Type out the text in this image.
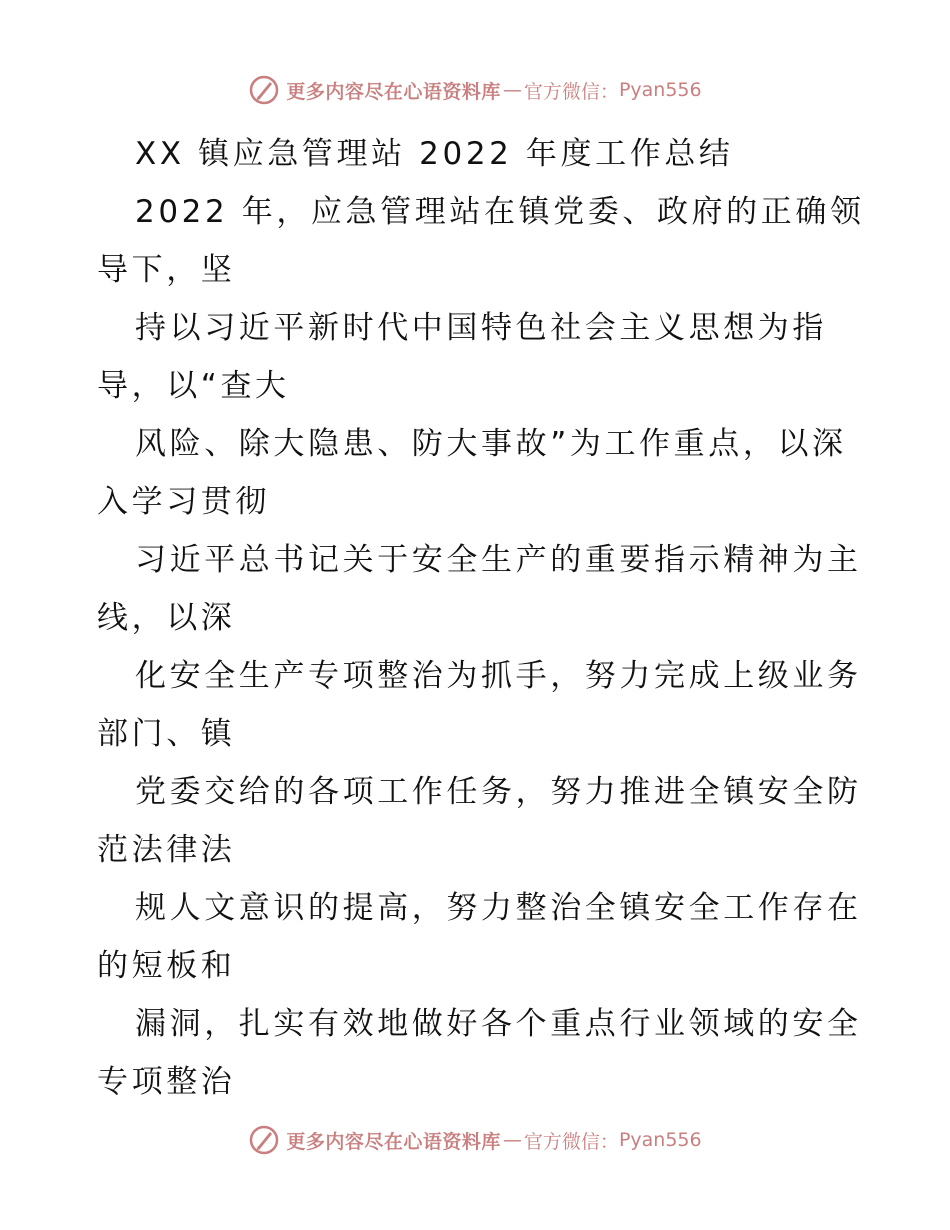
更多内容尽在心语资料库 — 官方微信： Pyan556
XX 镇应急管理站 2022 年度工作总结
2022 年，应急管理站在镇党委、政府的正确领
导下，坚
持以习近平新时代中国特色社会主义思想为指
导，以“查大
风险、除大隐患、防大事故”为工作重点，以深
入学习贯彻
习近平总书记关于安全生产的重要指示精神为主
线，以深
化安全生产专项整治为抓手，努力完成上级业务
部门、镇
党委交给的各项工作任务，努力推进全镇安全防
范法律法
规人文意识的提高，努力整治全镇安全工作存在
的短板和
漏洞，扎实有效地做好各个重点行业领域的安全
专项整治
更多内容尽在心语资料库 — 官方微信： Pyan556
